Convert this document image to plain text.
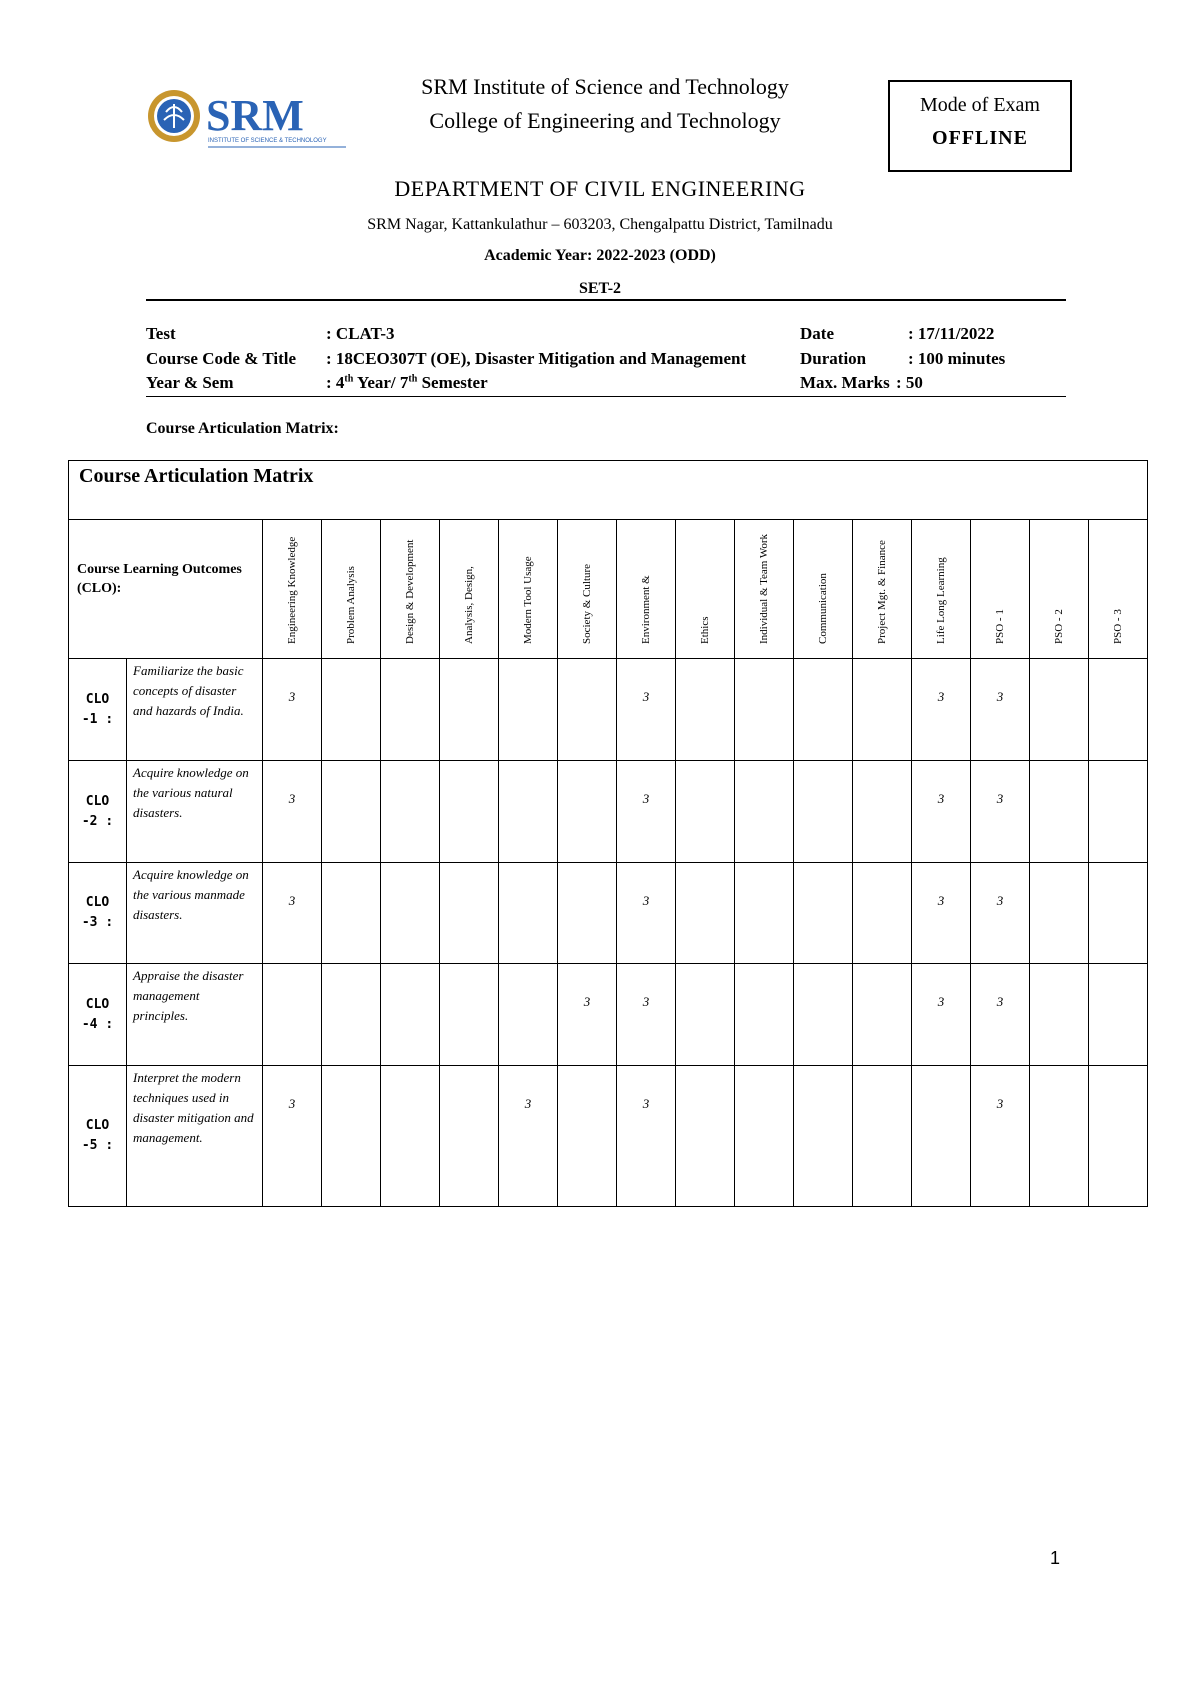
SRM
INSTITUTE OF SCIENCE & TECHNOLOGY
SRM Institute of Science and Technology
College of Engineering and Technology
Mode of Exam
OFFLINE
DEPARTMENT OF CIVIL ENGINEERING
SRM Nagar, Kattankulathur – 603203, Chengalpattu District, Tamilnadu
Academic Year: 2022-2023 (ODD)
SET-2
Test	: CLAT-3	Date	: 17/11/2022
Course Code & Title : 18CEO307T (OE), Disaster Mitigation and Management	Duration : 100 minutes
Year & Sem	: 4th Year/ 7th Semester	Max. Marks : 50
Course Articulation Matrix:
Course Articulation Matrix																
Course Learning Outcomes (CLO):		Engineering Knowledge	Problem Analysis	Design & Development	Analysis, Design,	Modern Tool Usage	Society & Culture	Environment &	Ethics	Individual & Team Work	Communication	Project Mgt. & Finance	Life Long Learning	PSO - 1	PSO - 2	PSO - 3

CLO
-1 :	Familiarize the basic concepts of disaster and hazards of India.	3						3					3	3		
CLO
-2 :	Acquire knowledge on the various natural disasters.	3						3					3	3		
CLO
-3 :	Acquire knowledge on the various manmade disasters.	3						3					3	3		
CLO
-4 :	Appraise the disaster management principles.						3	3					3	3		
CLO
-5 :	Interpret the modern techniques used in disaster mitigation and management.	3				3		3						3		
1
